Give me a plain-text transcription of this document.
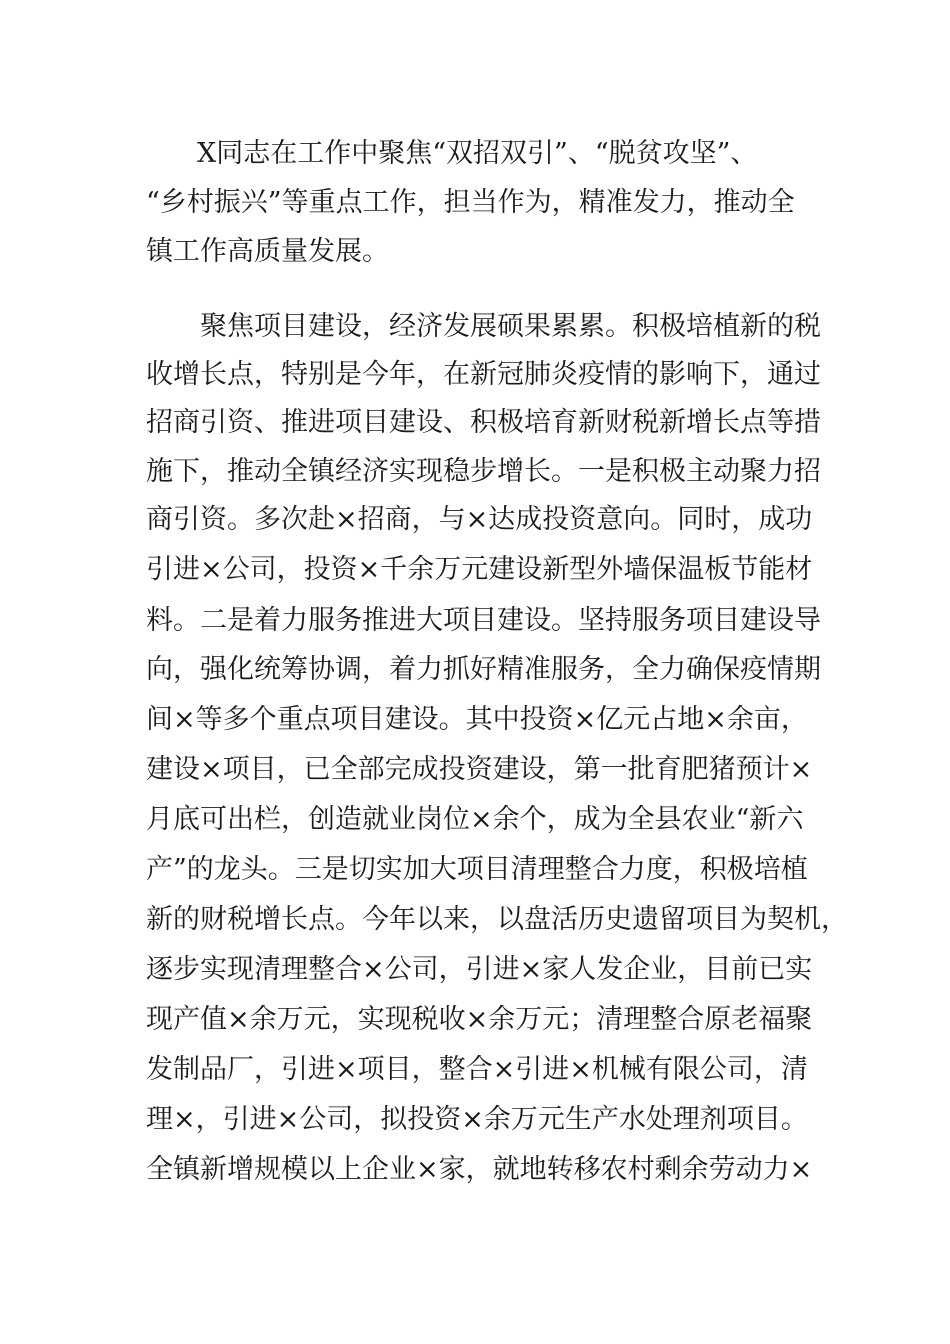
X同志在工作中聚焦“双招双引”、“脱贫攻坚”、
“乡村振兴”等重点工作，担当作为，精准发力，推动全
镇工作高质量发展。
聚焦项目建设，经济发展硕果累累。积极培植新的税
收增长点，特别是今年，在新冠肺炎疫情的影响下，通过
招商引资、推进项目建设、积极培育新财税新增长点等措
施下，推动全镇经济实现稳步增长。一是积极主动聚力招
商引资。多次赴×招商，与×达成投资意向。同时，成功
引进×公司，投资×千余万元建设新型外墙保温板节能材
料。二是着力服务推进大项目建设。坚持服务项目建设导
向，强化统筹协调，着力抓好精准服务，全力确保疫情期
间×等多个重点项目建设。其中投资×亿元占地×余亩，
建设×项目，已全部完成投资建设，第一批育肥猪预计×
月底可出栏，创造就业岗位×余个，成为全县农业“新六
产”的龙头。三是切实加大项目清理整合力度，积极培植
新的财税增长点。今年以来，以盘活历史遗留项目为契机，
逐步实现清理整合×公司，引进×家人发企业，目前已实
现产值×余万元，实现税收×余万元；清理整合原老福聚
发制品厂，引进×项目，整合×引进×机械有限公司，清
理×，引进×公司，拟投资×余万元生产水处理剂项目。
全镇新增规模以上企业×家，就地转移农村剩余劳动力×
